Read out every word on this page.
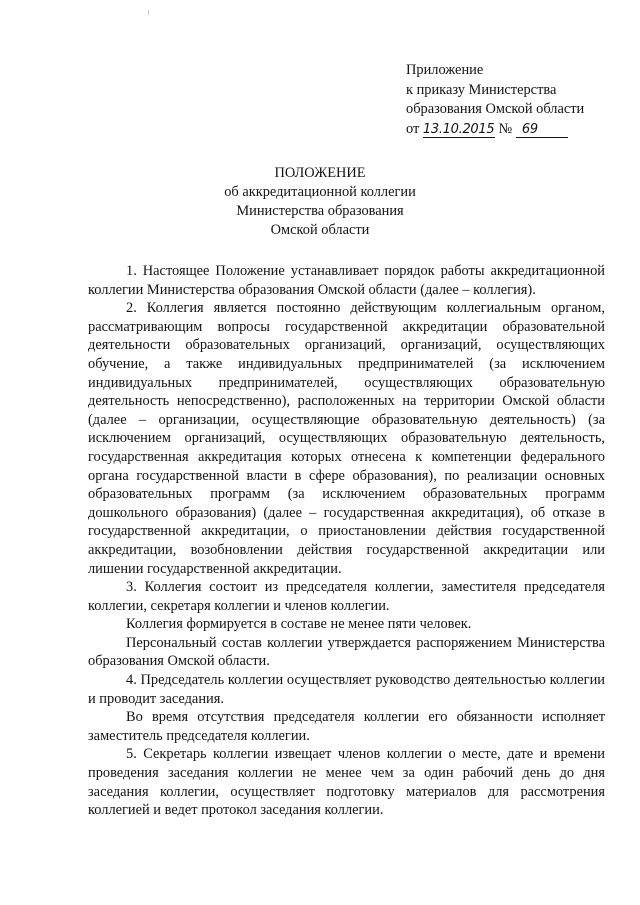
Приложение
к приказу Министерства
образования Омской области
от 13.10.2015 № 69
ПОЛОЖЕНИЕ
об аккредитационной коллегии
Министерства образования
Омской области

1. Настоящее Положение устанавливает порядок работы аккредитационной коллегии Министерства образования Омской области (далее – коллегия).

2. Коллегия является постоянно действующим коллегиальным органом, рассматривающим вопросы государственной аккредитации образовательной деятельности образовательных организаций, организаций, осуществляющих обучение, а также индивидуальных предпринимателей (за исключением индивидуальных предпринимателей, осуществляющих образовательную деятельность непосредственно), расположенных на территории Омской области (далее – организации, осуществляющие образовательную деятельность) (за исключением организаций, осуществляющих образовательную деятельность, государственная аккредитация которых отнесена к компетенции федерального органа государственной власти в сфере образования), по реализации основных образовательных программ (за исключением образовательных программ дошкольного образования) (далее – государственная аккредитация), об отказе в государственной аккредитации, о приостановлении действия государственной аккредитации, возобновлении действия государственной аккредитации или лишении государственной аккредитации.

3. Коллегия состоит из председателя коллегии, заместителя председателя коллегии, секретаря коллегии и членов коллегии.

Коллегия формируется в составе не менее пяти человек.

Персональный состав коллегии утверждается распоряжением Министерства образования Омской области.

4. Председатель коллегии осуществляет руководство деятельностью коллегии и проводит заседания.

Во время отсутствия председателя коллегии его обязанности исполняет заместитель председателя коллегии.

5. Секретарь коллегии извещает членов коллегии о месте, дате и времени проведения заседания коллегии не менее чем за один рабочий день до дня заседания коллегии, осуществляет подготовку материалов для рассмотрения коллегией и ведет протокол заседания коллегии.
